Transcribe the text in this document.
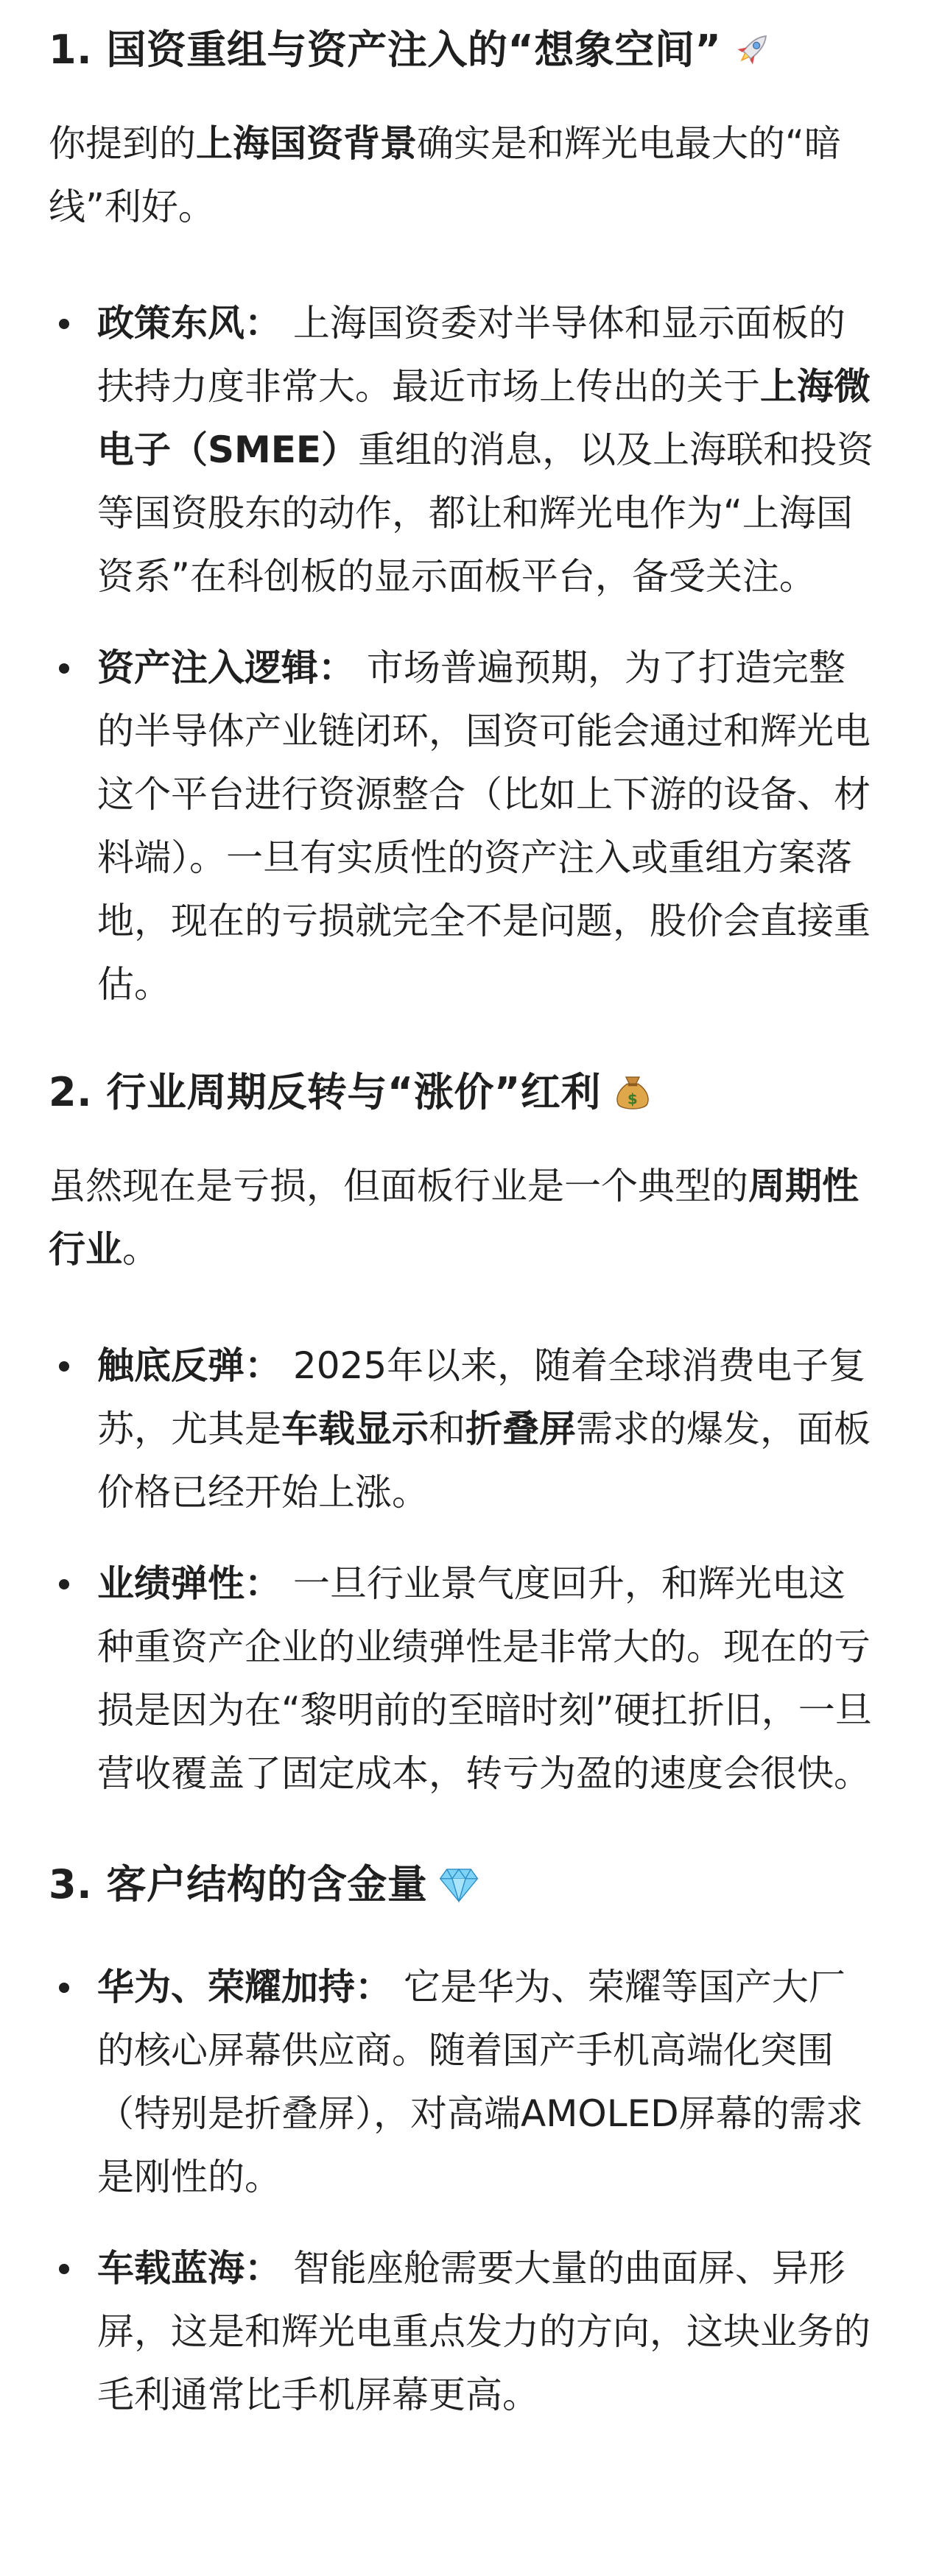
1. 国资重组与资产注入的“想象空间”

你提到的上海国资背景确实是和辉光电最大的“暗线”利好。

政策东风： 上海国资委对半导体和显示面板的扶持力度非常大。最近市场上传出的关于上海微电子（SMEE）重组的消息，以及上海联和投资等国资股东的动作，都让和辉光电作为“上海国资系”在科创板的显示面板平台，备受关注。
资产注入逻辑： 市场普遍预期，为了打造完整的半导体产业链闭环，国资可能会通过和辉光电这个平台进行资源整合（比如上下游的设备、材料端）。一旦有实质性的资产注入或重组方案落地，现在的亏损就完全不是问题，股价会直接重估。
2. 行业周期反转与“涨价”红利 $

虽然现在是亏损，但面板行业是一个典型的周期性行业。

触底反弹： 2025年以来，随着全球消费电子复苏，尤其是车载显示和折叠屏需求的爆发，面板价格已经开始上涨。
业绩弹性： 一旦行业景气度回升，和辉光电这种重资产企业的业绩弹性是非常大的。现在的亏损是因为在“黎明前的至暗时刻”硬扛折旧，一旦营收覆盖了固定成本，转亏为盈的速度会很快。
3. 客户结构的含金量
华为、荣耀加持： 它是华为、荣耀等国产大厂的核心屏幕供应商。随着国产手机高端化突围（特别是折叠屏），对高端AMOLED屏幕的需求是刚性的。
车载蓝海： 智能座舱需要大量的曲面屏、异形屏，这是和辉光电重点发力的方向，这块业务的毛利通常比手机屏幕更高。
